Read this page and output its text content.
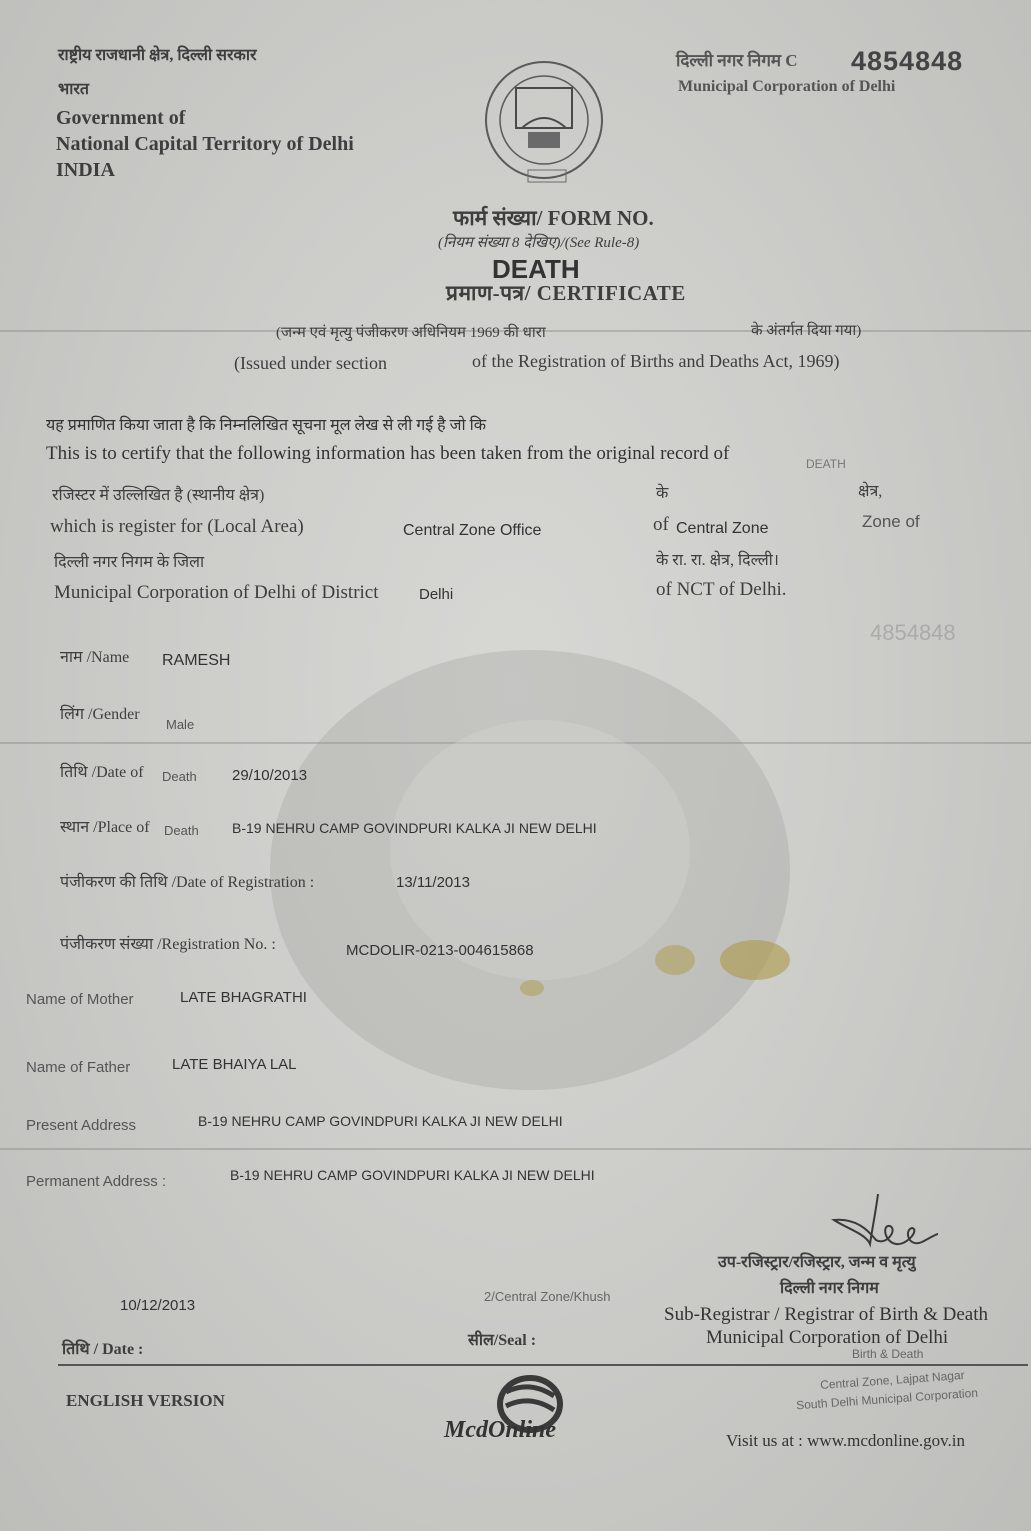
राष्ट्रीय राजधानी क्षेत्र, दिल्ली सरकार
भारत
Government of
National Capital Territory of Delhi
INDIA
दिल्ली नगर निगम C 4854848
Municipal Corporation of Delhi
फार्म संख्या/ FORM NO.
(नियम संख्या 8 देखिए)/(See Rule-8)
DEATH
प्रमाण-पत्र/ CERTIFICATE
(जन्म एवं मृत्यु पंजीकरण अधिनियम 1969 की धारा	के अंतर्गत दिया गया)
(Issued under section	of the Registration of Births and Deaths Act, 1969)
यह प्रमाणित किया जाता है कि निम्नलिखित सूचना मूल लेख से ली गई है जो कि
This is to certify that the following information has been taken from the original record of	DEATH
रजिस्टर में उल्लिखित है (स्थानीय क्षेत्र)	के	क्षेत्र,
which is register for (Local Area)	Central Zone Office	of Central Zone	Zone of
दिल्ली नगर निगम के जिला	के रा. रा. क्षेत्र, दिल्ली।
Municipal Corporation of Delhi of District	Delhi	of NCT of Delhi.
4854848
नाम /Name RAMESH
लिंग /Gender
Male
तिथि /Date of Death 29/10/2013
स्थान /Place of Death B-19 NEHRU CAMP GOVINDPURI KALKA JI NEW DELHI
पंजीकरण की तिथि /Date of Registration :	13/11/2013
पंजीकरण संख्या /Registration No. :	MCDOLIR-0213-004615868
Name of Mother	LATE BHAGRATHI
Name of Father	LATE BHAIYA LAL
Present Address	B-19 NEHRU CAMP GOVINDPURI KALKA JI NEW DELHI
Permanent Address :	B-19 NEHRU CAMP GOVINDPURI KALKA JI NEW DELHI
उप-रजिस्ट्रार/रजिस्ट्रार, जन्म व मृत्यु
दिल्ली नगर निगम
10/12/2013
2/Central Zone/Khush
Sub-Registrar / Registrar of Birth & Death
Municipal Corporation of Delhi
तिथि / Date :
सील/Seal :
Birth & Death
Central Zone, Lajpat Nagar
South Delhi Municipal Corporation
ENGLISH VERSION
McdOnline	Visit us at : www.mcdonline.gov.in
